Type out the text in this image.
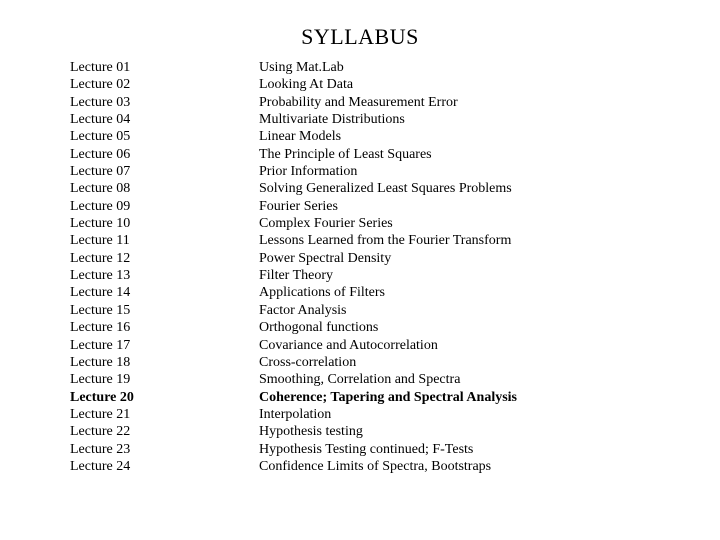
SYLLABUS
Lecture 01
Lecture 02
Lecture 03
Lecture 04
Lecture 05
Lecture 06
Lecture 07
Lecture 08
Lecture 09
Lecture 10
Lecture 11
Lecture 12
Lecture 13
Lecture 14
Lecture 15
Lecture 16
Lecture 17
Lecture 18
Lecture 19
Lecture 20
Lecture 21
Lecture 22
Lecture 23
Lecture 24
Using Mat.Lab
Looking At Data
Probability and Measurement Error
Multivariate Distributions
Linear Models
The Principle of Least Squares
Prior Information
Solving Generalized Least Squares Problems
Fourier Series
Complex Fourier Series
Lessons Learned from the Fourier Transform
Power Spectral Density
Filter Theory
Applications of Filters
Factor Analysis
Orthogonal functions
Covariance and Autocorrelation
Cross-correlation
Smoothing, Correlation and Spectra
Coherence; Tapering and Spectral Analysis
Interpolation
Hypothesis testing
Hypothesis Testing continued; F-Tests
Confidence Limits of Spectra, Bootstraps
